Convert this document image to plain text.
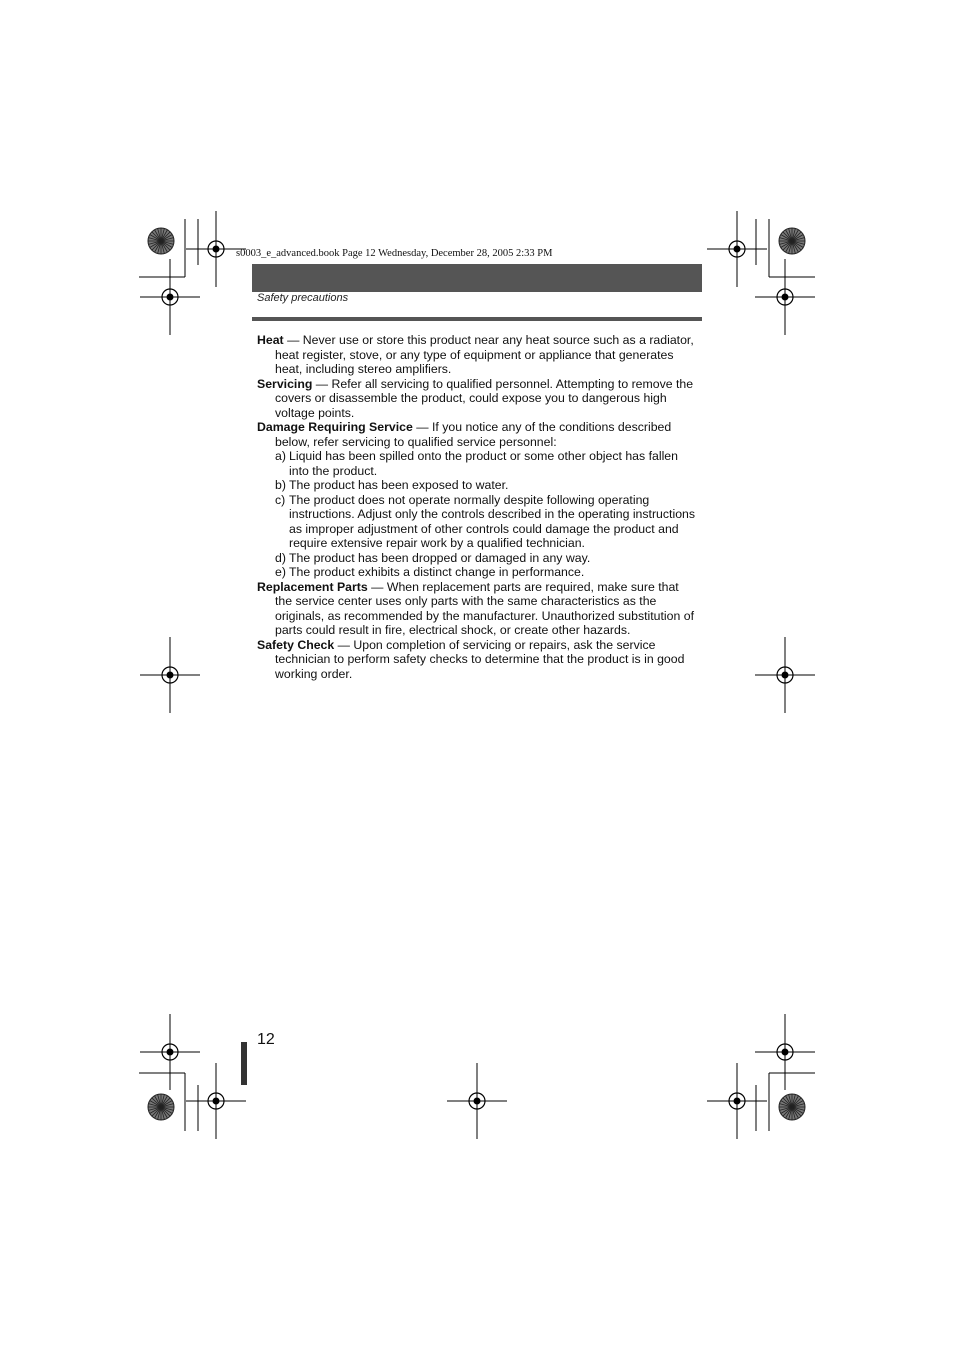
s0003_e_advanced.book Page 12 Wednesday, December 28, 2005 2:33 PM
Safety precautions

Heat — Never use or store this product near any heat source such as a radiator, heat register, stove, or any type of equipment or appliance that generates heat, including stereo amplifiers.

Servicing — Refer all servicing to qualified personnel. Attempting to remove the covers or disassemble the product, could expose you to dangerous high voltage points.

Damage Requiring Service — If you notice any of the conditions described below, refer servicing to qualified service personnel:

a) Liquid has been spilled onto the product or some other object has fallen into the product.
b) The product has been exposed to water.
c) The product does not operate normally despite following operating instructions. Adjust only the controls described in the operating instructions as improper adjustment of other controls could damage the product and require extensive repair work by a qualified technician.
d) The product has been dropped or damaged in any way.
e) The product exhibits a distinct change in performance.

Replacement Parts — When replacement parts are required, make sure that the service center uses only parts with the same characteristics as the originals, as recommended by the manufacturer. Unauthorized substitution of parts could result in fire, electrical shock, or create other hazards.

Safety Check — Upon completion of servicing or repairs, ask the service technician to perform safety checks to determine that the product is in good working order.

12
